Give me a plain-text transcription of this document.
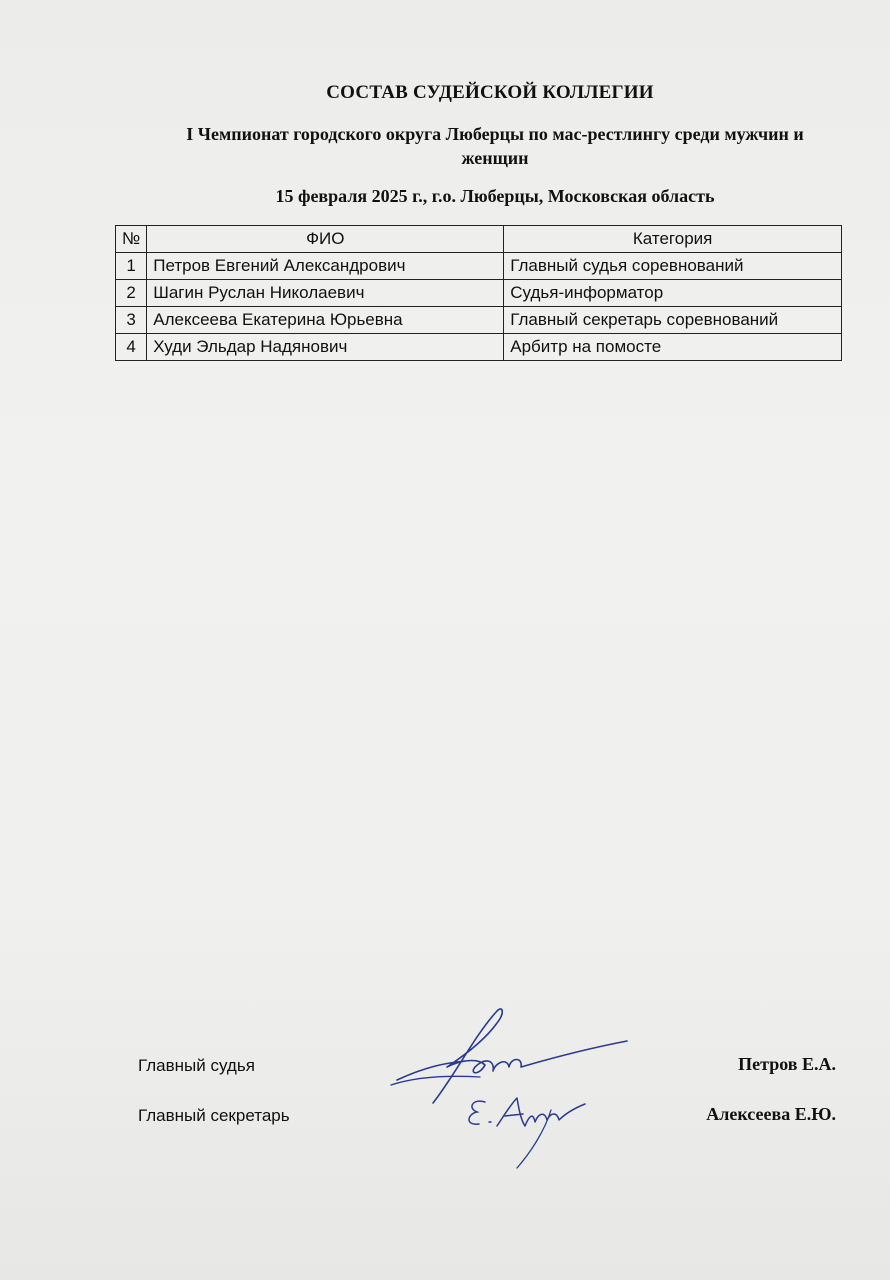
СОСТАВ СУДЕЙСКОЙ КОЛЛЕГИИ
I Чемпионат городского округа Люберцы по мас-рестлингу среди мужчин и женщин
15 февраля 2025 г., г.о. Люберцы, Московская область
№	ФИО	Категория
1	Петров Евгений Александрович	Главный судья соревнований
2	Шагин Руслан Николаевич	Судья-информатор
3	Алексеева Екатерина Юрьевна	Главный секретарь соревнований
4	Худи Эльдар Надянович	Арбитр на помосте
Главный судья	Петров Е.А.
Главный секретарь	Алексеева Е.Ю.
